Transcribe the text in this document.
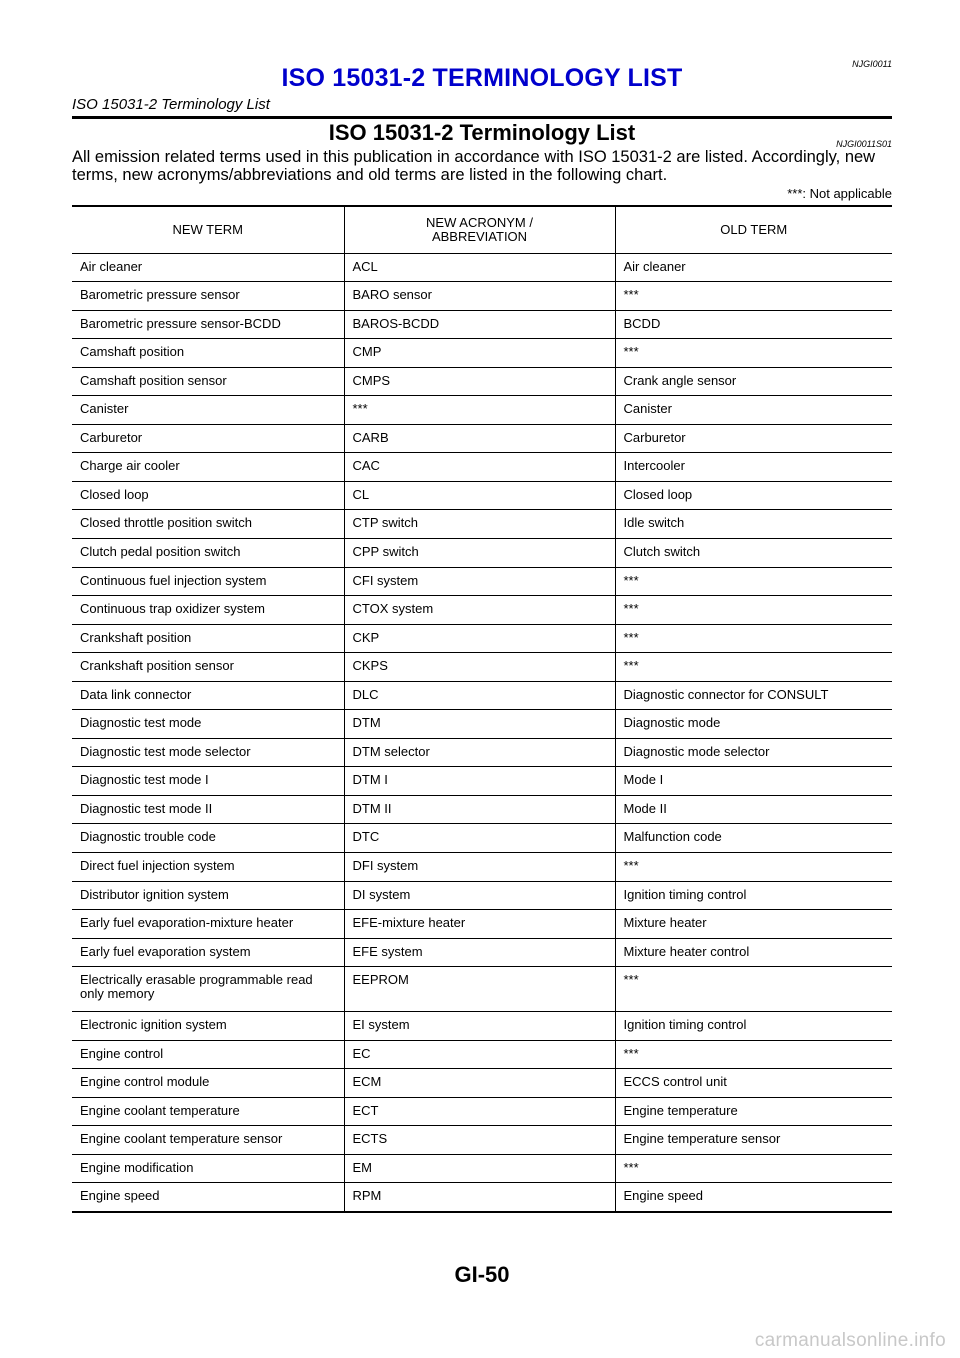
NJGI0011
ISO 15031-2 TERMINOLOGY LIST
ISO 15031-2 Terminology List
ISO 15031-2 Terminology List	NJGI0011S01
All emission related terms used in this publication in accordance with ISO 15031-2 are listed. Accordingly, new terms, new acronyms/abbreviations and old terms are listed in the following chart.
***: Not applicable
NEW TERM	NEW ACRONYM / ABBREVIATION	OLD TERM
Air cleaner	ACL	Air cleaner
Barometric pressure sensor	BARO sensor	***
Barometric pressure sensor-BCDD	BAROS-BCDD	BCDD
Camshaft position	CMP	***
Camshaft position sensor	CMPS	Crank angle sensor
Canister	***	Canister
Carburetor	CARB	Carburetor
Charge air cooler	CAC	Intercooler
Closed loop	CL	Closed loop
Closed throttle position switch	CTP switch	Idle switch
Clutch pedal position switch	CPP switch	Clutch switch
Continuous fuel injection system	CFI system	***
Continuous trap oxidizer system	CTOX system	***
Crankshaft position	CKP	***
Crankshaft position sensor	CKPS	***
Data link connector	DLC	Diagnostic connector for CONSULT
Diagnostic test mode	DTM	Diagnostic mode
Diagnostic test mode selector	DTM selector	Diagnostic mode selector
Diagnostic test mode I	DTM I	Mode I
Diagnostic test mode II	DTM II	Mode II
Diagnostic trouble code	DTC	Malfunction code
Direct fuel injection system	DFI system	***
Distributor ignition system	DI system	Ignition timing control
Early fuel evaporation-mixture heater	EFE-mixture heater	Mixture heater
Early fuel evaporation system	EFE system	Mixture heater control
Electrically erasable programmable read only memory	EEPROM	***
Electronic ignition system	EI system	Ignition timing control
Engine control	EC	***
Engine control module	ECM	ECCS control unit
Engine coolant temperature	ECT	Engine temperature
Engine coolant temperature sensor	ECTS	Engine temperature sensor
Engine modification	EM	***
Engine speed	RPM	Engine speed
GI-50
carmanualsonline.info
